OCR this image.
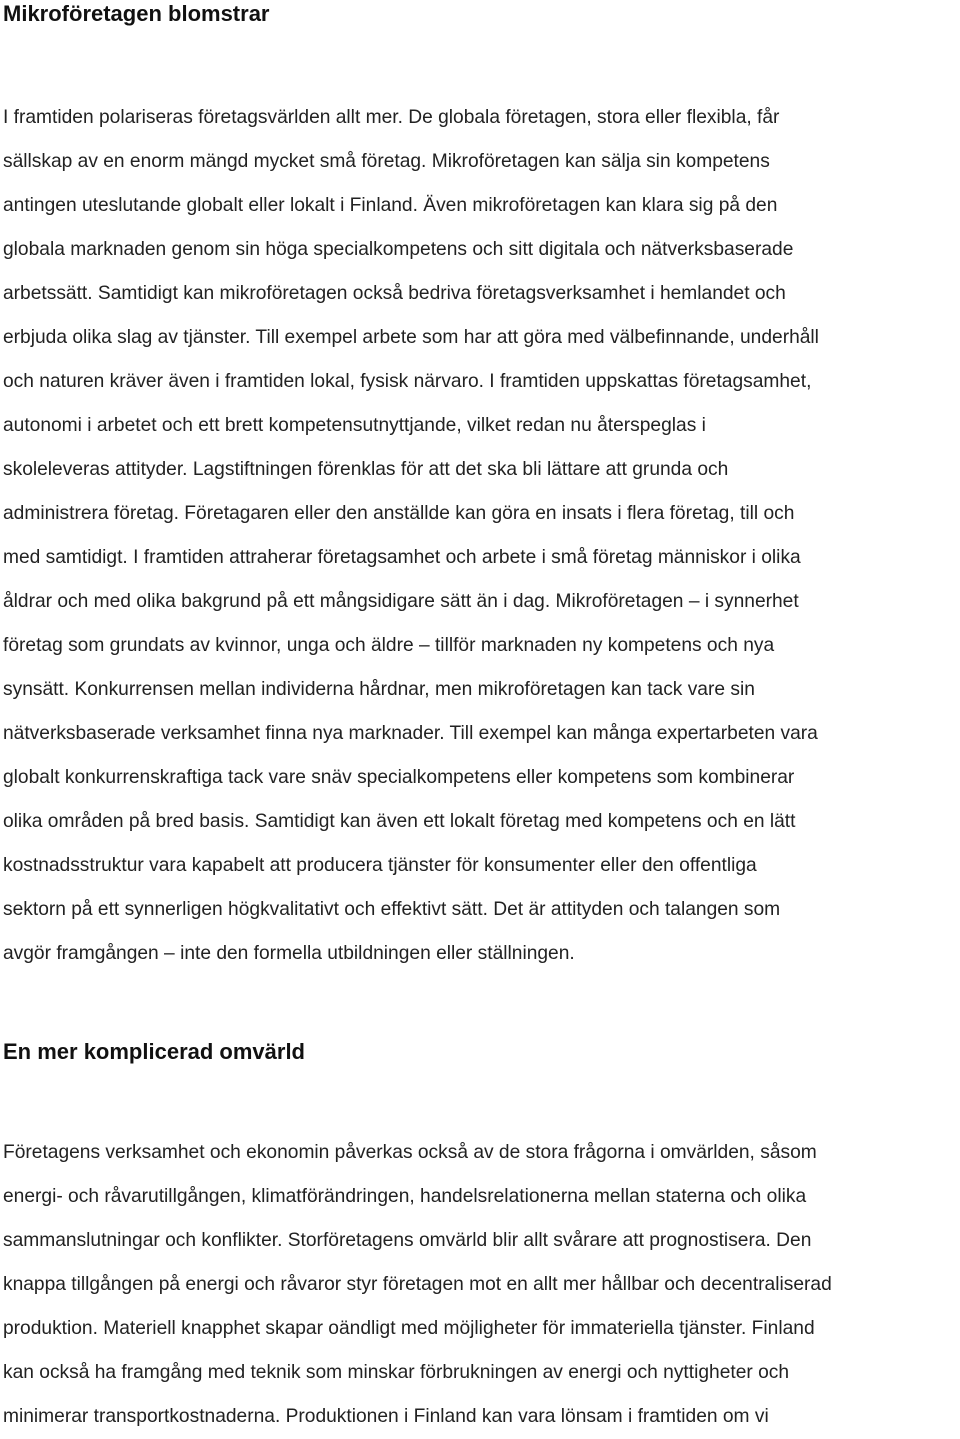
Mikroföretagen blomstrar

I framtiden polariseras företagsvärlden allt mer. De globala företagen, stora eller flexibla, får
sällskap av en enorm mängd mycket små företag. Mikroföretagen kan sälja sin kompetens
antingen uteslutande globalt eller lokalt i Finland. Även mikroföretagen kan klara sig på den
globala marknaden genom sin höga specialkompetens och sitt digitala och nätverksbaserade
arbetssätt. Samtidigt kan mikroföretagen också bedriva företagsverksamhet i hemlandet och
erbjuda olika slag av tjänster. Till exempel arbete som har att göra med välbefinnande, underhåll
och naturen kräver även i framtiden lokal, fysisk närvaro. I framtiden uppskattas företagsamhet,
autonomi i arbetet och ett brett kompetensutnyttjande, vilket redan nu återspeglas i
skoleleveras attityder. Lagstiftningen förenklas för att det ska bli lättare att grunda och
administrera företag. Företagaren eller den anställde kan göra en insats i flera företag, till och
med samtidigt. I framtiden attraherar företagsamhet och arbete i små företag människor i olika
åldrar och med olika bakgrund på ett mångsidigare sätt än i dag. Mikroföretagen – i synnerhet
företag som grundats av kvinnor, unga och äldre – tillför marknaden ny kompetens och nya
synsätt. Konkurrensen mellan individerna hårdnar, men mikroföretagen kan tack vare sin
nätverksbaserade verksamhet finna nya marknader. Till exempel kan många expertarbeten vara
globalt konkurrenskraftiga tack vare snäv specialkompetens eller kompetens som kombinerar
olika områden på bred basis. Samtidigt kan även ett lokalt företag med kompetens och en lätt
kostnadsstruktur vara kapabelt att producera tjänster för konsumenter eller den offentliga
sektorn på ett synnerligen högkvalitativt och effektivt sätt. Det är attityden och talangen som
avgör framgången – inte den formella utbildningen eller ställningen.

En mer komplicerad omvärld

Företagens verksamhet och ekonomin påverkas också av de stora frågorna i omvärlden, såsom
energi- och råvarutillgången, klimatförändringen, handelsrelationerna mellan staterna och olika
sammanslutningar och konflikter. Storföretagens omvärld blir allt svårare att prognostisera. Den
knappa tillgången på energi och råvaror styr företagen mot en allt mer hållbar och decentraliserad
produktion. Materiell knapphet skapar oändligt med möjligheter för immateriella tjänster. Finland
kan också ha framgång med teknik som minskar förbrukningen av energi och nyttigheter och
minimerar transportkostnaderna. Produktionen i Finland kan vara lönsam i framtiden om vi
